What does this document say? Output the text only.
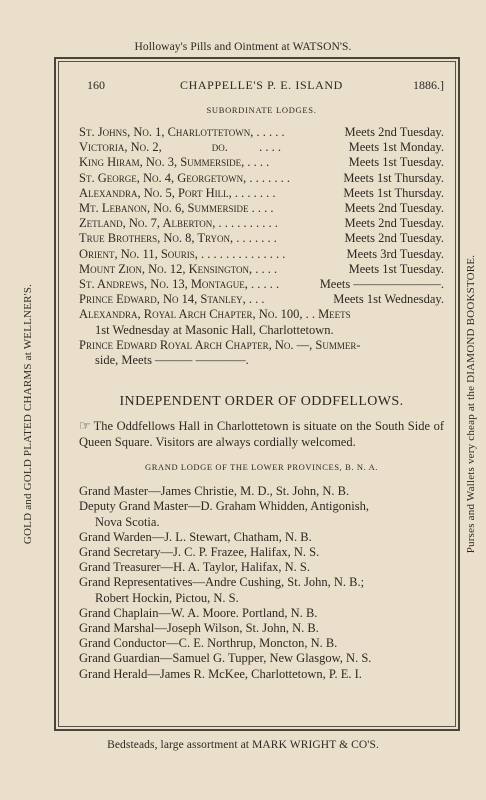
Holloway's Pills and Ointment at WATSON'S.
GOLD and GOLD PLATED CHARMS at WELLNER'S.	Purses and Wallets very cheap at the DIAMOND BOOKSTORE.
Bedsteads, large assortment at MARK WRIGHT & CO'S.
160	CHAPPELLE'S P. E. ISLAND	1886.]
SUBORDINATE LODGES.
St. Johns, No. 1, Charlottetown, . . . . .	Meets 2nd Tuesday.
Victoria, No. 2,                do.          . . . .	Meets 1st Monday.
King Hiram, No. 3, Summerside, . . . .	Meets 1st Tuesday.
St. George, No. 4, Georgetown, . . . . . . .	Meets 1st Thursday.
Alexandra, No. 5, Port Hill, . . . . . . .	Meets 1st Thursday.
Mt. Lebanon, No. 6, Summerside . . . .	Meets 2nd Tuesday.
Zetland, No. 7, Alberton, . . . . . . . . . .	Meets 2nd Tuesday.
True Brothers, No. 8, Tryon, . . . . . . .	Meets 2nd Tuesday.
Orient, No. 11, Souris, . . . . . . . . . . . . . .	Meets 3rd Tuesday.
Mount Zion, No. 12, Kensington, . . . .	Meets 1st Tuesday.
St. Andrews, No. 13, Montague, . . . . .	Meets ———————.
Prince Edward, No 14, Stanley, . . .	Meets 1st Wednesday.
Alexandra, Royal Arch Chapter, No. 100, . . Meets
1st Wednesday at Masonic Hall, Charlottetown.
Prince Edward Royal Arch Chapter, No. —, Summer-
side, Meets ——— ————.
INDEPENDENT ORDER OF ODDFELLOWS.
☞ The Oddfellows Hall in Charlottetown is situate on the South Side of Queen Square. Visitors are always cordially welcomed.
GRAND LODGE OF THE LOWER PROVINCES, B. N. A.
Grand Master—James Christie, M. D., St. John, N. B.
Deputy Grand Master—D. Graham Whidden, Antigonish,
Nova Scotia.
Grand Warden—J. L. Stewart, Chatham, N. B.
Grand Secretary—J. C. P. Frazee, Halifax, N. S.
Grand Treasurer—H. A. Taylor, Halifax, N. S.
Grand Representatives—Andre Cushing, St. John, N. B.;
Robert Hockin, Pictou, N. S.
Grand Chaplain—W. A. Moore. Portland, N. B.
Grand Marshal—Joseph Wilson, St. John, N. B.
Grand Conductor—C. E. Northrup, Moncton, N. B.
Grand Guardian—Samuel G. Tupper, New Glasgow, N. S.
Grand Herald—James R. McKee, Charlottetown, P. E. I.
